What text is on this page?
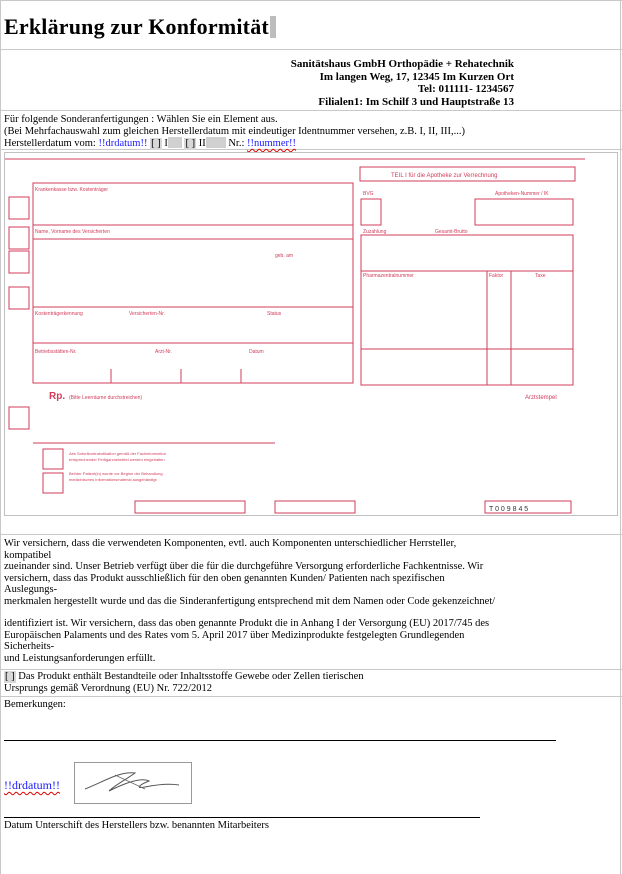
Erklärung zur Konformität
Sanitätshaus GmbH Orthopädie + Rehatechnik
Im langen Weg, 17, 12345 Im Kurzen Ort
Tel: 011111- 1234567
Filialen1: Im Schilf 3 und Hauptstraße 13
Für folgende Sonderanfertigungen : Wählen Sie ein Element aus.
(Bei Mehrfachauswahl zum gleichen Herstellerdatum mit eindeutiger Identnummer versehen, z.B. I, II, III,...)
Herstellerdatum vom: !!drdatum!! [ ] I [ ] II Nr.: !!nummer!!
TEIL I für die Apotheke zur Verrechnung
Krankenkasse bzw. Kostenträger
Name, Vorname des Versicherten
geb. am
Kostenträgerkennung	Versicherten-Nr.	Status
Betriebsstätten-Nr.	Arzt-Nr.	Datum
BVG	Apotheken-Nummer / IK
Zuzahlung	Gesamt-Brutto
Pharmazentralnummer	Faktor	Taxe
Rp. (Bitte Leerräume durchstreichen)	Arztstempel
Abs Sofortkontraindikation gemäß der Fachinformation
entsprechender Fertigarzneimittel werden eingehalten
Bei/der Patient(in) wurde vor Beginn der Behandlung
medizinisches Informationsmaterial ausgehändigt
T 0 0 9 8 4 5
Wir versichern, dass die verwendeten Komponenten, evtl. auch Komponenten unterschiedlicher Herrsteller,
kompatibel
zueinander sind. Unser Betrieb verfügt über die für die durchgeführe Versorgung erforderliche Fachkentnisse. Wir
versichern, dass das Produkt ausschließlich für den oben genannten Kunden/ Patienten nach spezifischen
Auslegungs-
merkmalen hergestellt wurde und das die Sinderanfertigung entsprechend mit dem Namen oder Code gekenzeichnet/
identifiziert ist. Wir versichern, dass das oben genannte Produkt die in Anhang I der Versorgung (EU) 2017/745 des
Europäischen Palaments und des Rates vom 5. April 2017 über Medizinprodukte festgelegten Grundlegenden
Sicherheits-
und Leistungsanforderungen erfüllt.
[ ] Das Produkt enthält Bestandteile oder Inhaltsstoffe Gewebe oder Zellen tierischen
Ursprungs gemäß Verordnung (EU) Nr. 722/2012
Bemerkungen:
!!drdatum!!
Datum Unterschift des Herstellers bzw. benannten Mitarbeiters
